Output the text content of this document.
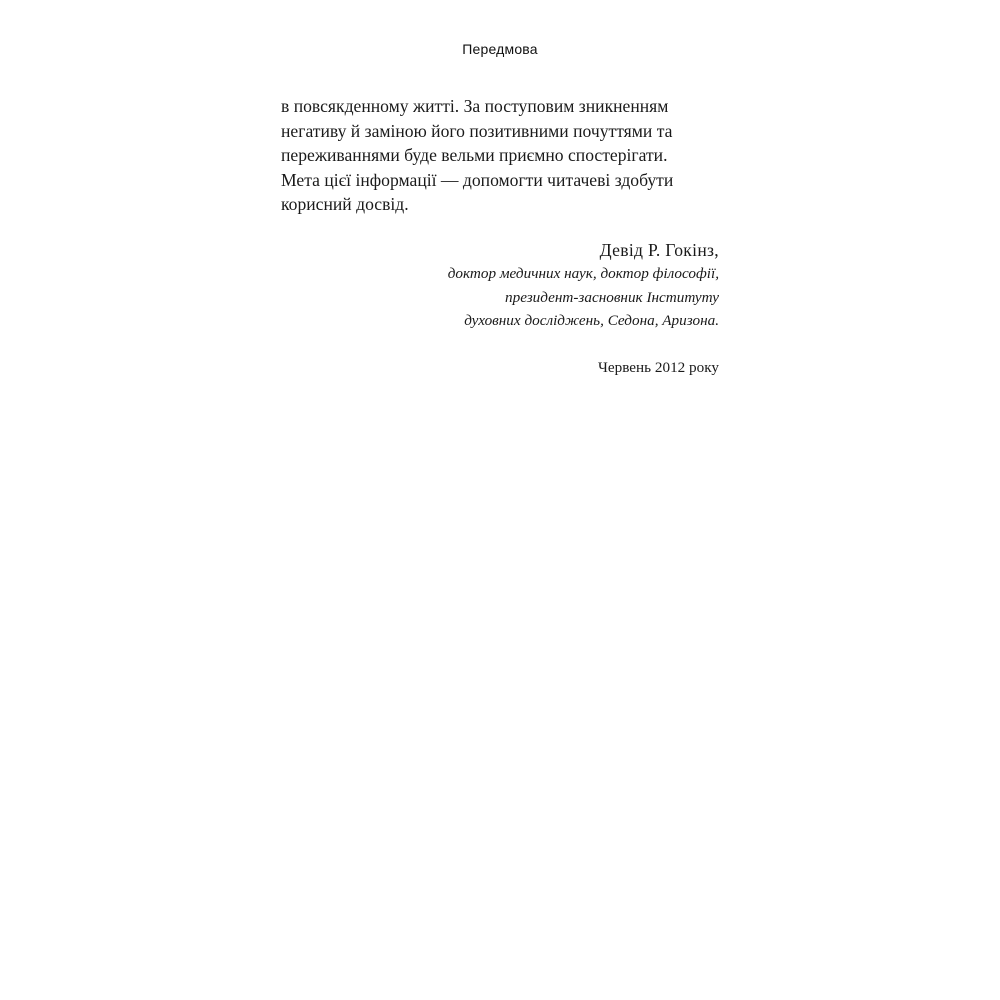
Передмова

в повсякденному житті. За поступовим зникненням
негативу й заміною його позитивними почуттями та
переживаннями буде вельми приємно спостерігати.
Мета цієї інформації — допомогти читачеві здобути
корисний досвід.
Девід Р. Гокінз,
доктор медичних наук, доктор філософії,
президент-засновник Інституту
духовних досліджень, Седона, Аризона.
Червень 2012 року
